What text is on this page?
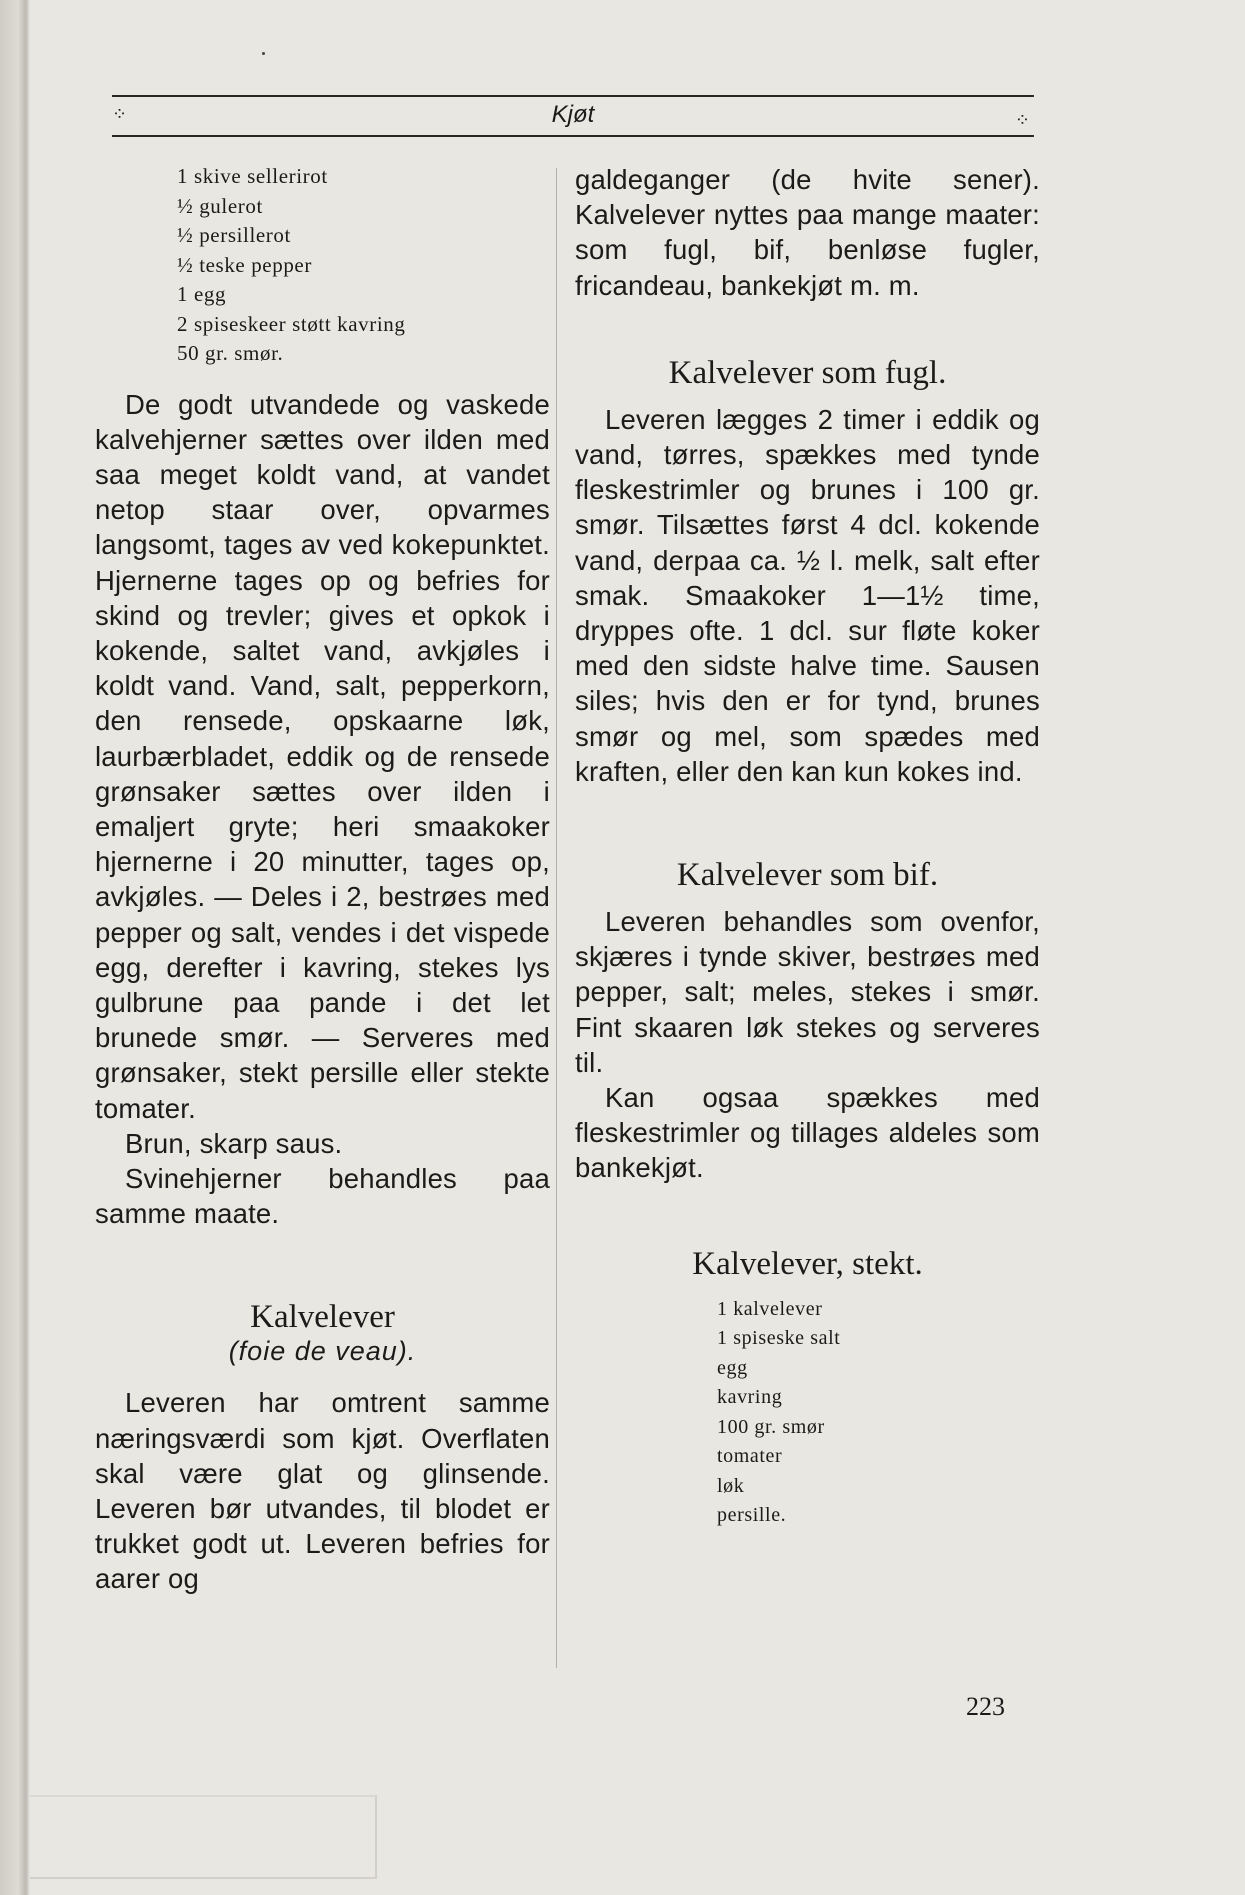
⁘	Kjøt	⁘
1 skive sellerirot
½ gulerot
½ persillerot
½ teske pepper
1 egg
2 spiseskeer støtt kavring
50 gr. smør.

De godt utvandede og vaskede kalvehjerner sættes over ilden med saa meget koldt vand, at vandet netop staar over, opvarmes langsomt, tages av ved kokepunktet. Hjernerne tages op og befries for skind og trevler; gives et opkok i kokende, saltet vand, avkjøles i koldt vand. Vand, salt, pepperkorn, den rensede, opskaarne løk, laurbærbladet, eddik og de rensede grønsaker sættes over ilden i emaljert gryte; heri smaakoker hjernerne i 20 minutter, tages op, avkjøles. — Deles i 2, bestrøes med pepper og salt, vendes i det vispede egg, derefter i kavring, stekes lys gulbrune paa pande i det let brunede smør. — Serveres med grønsaker, stekt persille eller stekte tomater.

Brun, skarp saus.

Svinehjerner behandles paa samme maate.

Kalvelever
(foie de veau).

Leveren har omtrent samme næringsværdi som kjøt. Overflaten skal være glat og glinsende. Leveren bør utvandes, til blodet er trukket godt ut. Leveren befries for aarer og

galdeganger (de hvite sener). Kalvelever nyttes paa mange maater: som fugl, bif, benløse fugler, fricandeau, bankekjøt m. m.

Kalvelever som fugl.

Leveren lægges 2 timer i eddik og vand, tørres, spækkes med tynde fleskestrimler og brunes i 100 gr. smør. Tilsættes først 4 dcl. kokende vand, derpaa ca. ½ l. melk, salt efter smak. Smaakoker 1—1½ time, dryppes ofte. 1 dcl. sur fløte koker med den sidste halve time. Sausen siles; hvis den er for tynd, brunes smør og mel, som spædes med kraften, eller den kan kun kokes ind.

Kalvelever som bif.

Leveren behandles som ovenfor, skjæres i tynde skiver, bestrøes med pepper, salt; meles, stekes i smør. Fint skaaren løk stekes og serveres til.

Kan ogsaa spækkes med fleskestrimler og tillages aldeles som bankekjøt.

Kalvelever, stekt.
1 kalvelever
1 spiseske salt
egg
kavring
100 gr. smør
tomater
løk
persille.
223
